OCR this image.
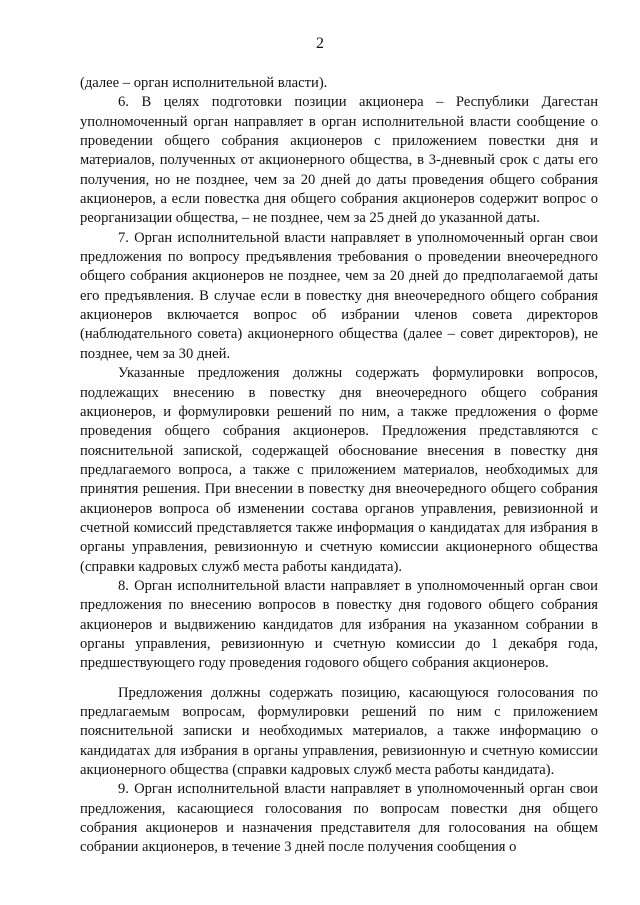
2

(далее – орган исполнительной власти).

6. В целях подготовки позиции акционера – Республики Дагестан уполномоченный орган направляет в орган исполнительной власти сообщение о проведении общего собрания акционеров с приложением повестки дня и материалов, полученных от акционерного общества, в 3-дневный срок с даты его получения, но не позднее, чем за 20 дней до даты проведения общего собрания акционеров, а если повестка дня общего собрания акционеров содержит вопрос о реорганизации общества, – не позднее, чем за 25 дней до указанной даты.

7. Орган исполнительной власти направляет в уполномоченный орган свои предложения по вопросу предъявления требования о проведении внеочередного общего собрания акционеров не позднее, чем за 20 дней до предполагаемой даты его предъявления. В случае если в повестку дня внеочередного общего собрания акционеров включается вопрос об избрании членов совета директоров (наблюдательного совета) акционерного общества (далее – совет директоров), не позднее, чем за 30 дней.

Указанные предложения должны содержать формулировки вопросов, подлежащих внесению в повестку дня внеочередного общего собрания акционеров, и формулировки решений по ним, а также предложения о форме проведения общего собрания акционеров. Предложения представляются с пояснительной запиской, содержащей обоснование внесения в повестку дня предлагаемого вопроса, а также с приложением материалов, необходимых для принятия решения. При внесении в повестку дня внеочередного общего собрания акционеров вопроса об изменении состава органов управления, ревизионной и счетной комиссий представляется также информация о кандидатах для избрания в органы управления, ревизионную и счетную комиссии акционерного общества (справки кадровых служб места работы кандидата).

8. Орган исполнительной власти направляет в уполномоченный орган свои предложения по внесению вопросов в повестку дня годового общего собрания акционеров и выдвижению кандидатов для избрания на указанном собрании в органы управления, ревизионную и счетную комиссии до 1 декабря года, предшествующего году проведения годового общего собрания акционеров.

Предложения должны содержать позицию, касающуюся голосования по предлагаемым вопросам, формулировки решений по ним с приложением пояснительной записки и необходимых материалов, а также информацию о кандидатах для избрания в органы управления, ревизионную и счетную комиссии акционерного общества (справки кадровых служб места работы кандидата).

9. Орган исполнительной власти направляет в уполномоченный орган свои предложения, касающиеся голосования по вопросам повестки дня общего собрания акционеров и назначения представителя для голосования на общем собрании акционеров, в течение 3 дней после получения сообщения о
